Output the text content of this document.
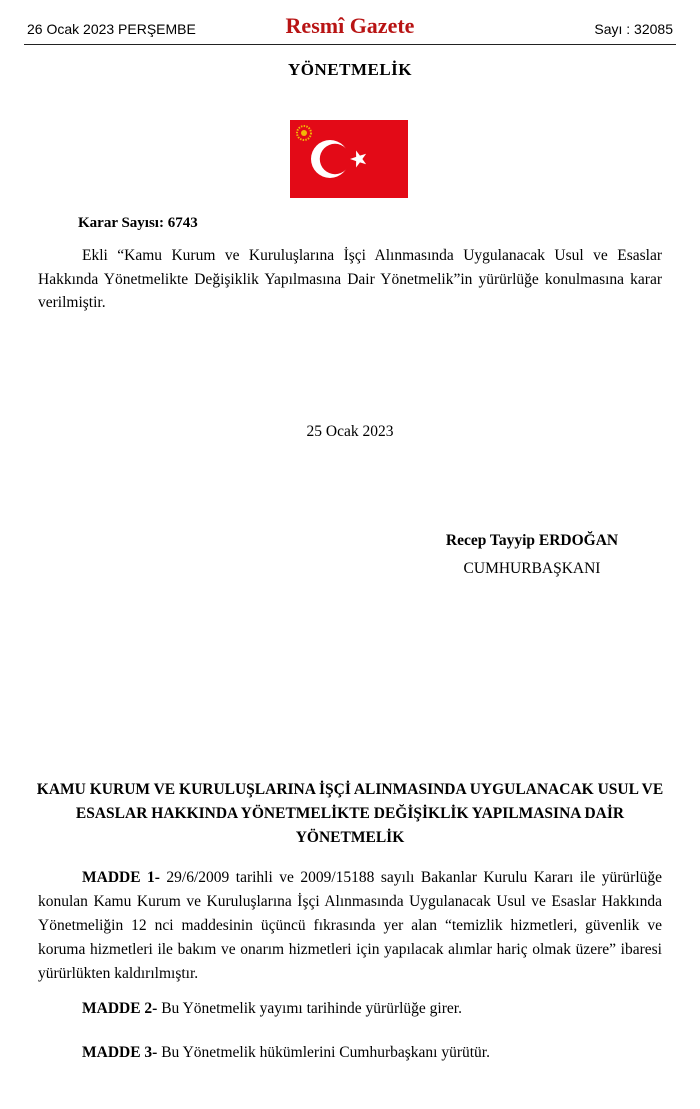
26 Ocak 2023 PERŞEMBE	Resmî Gazete	Sayı : 32085
YÖNETMELİK
Karar Sayısı: 6743

Ekli “Kamu Kurum ve Kuruluşlarına İşçi Alınmasında Uygulanacak Usul ve Esaslar Hakkında Yönetmelikte Değişiklik Yapılmasına Dair Yönetmelik”in yürürlüğe konulmasına karar verilmiştir.

25 Ocak 2023
Recep Tayyip ERDOĞAN
CUMHURBAŞKANI

KAMU KURUM VE KURULUŞLARINA İŞÇİ ALINMASINDA UYGULANACAK USUL VE ESASLAR HAKKINDA YÖNETMELİKTE DEĞİŞİKLİK YAPILMASINA DAİR YÖNETMELİK

MADDE 1- 29/6/2009 tarihli ve 2009/15188 sayılı Bakanlar Kurulu Kararı ile yürürlüğe konulan Kamu Kurum ve Kuruluşlarına İşçi Alınmasında Uygulanacak Usul ve Esaslar Hakkında Yönetmeliğin 12 nci maddesinin üçüncü fıkrasında yer alan “temizlik hizmetleri, güvenlik ve koruma hizmetleri ile bakım ve onarım hizmetleri için yapılacak alımlar hariç olmak üzere” ibaresi yürürlükten kaldırılmıştır.

MADDE 2- Bu Yönetmelik yayımı tarihinde yürürlüğe girer.

MADDE 3- Bu Yönetmelik hükümlerini Cumhurbaşkanı yürütür.
